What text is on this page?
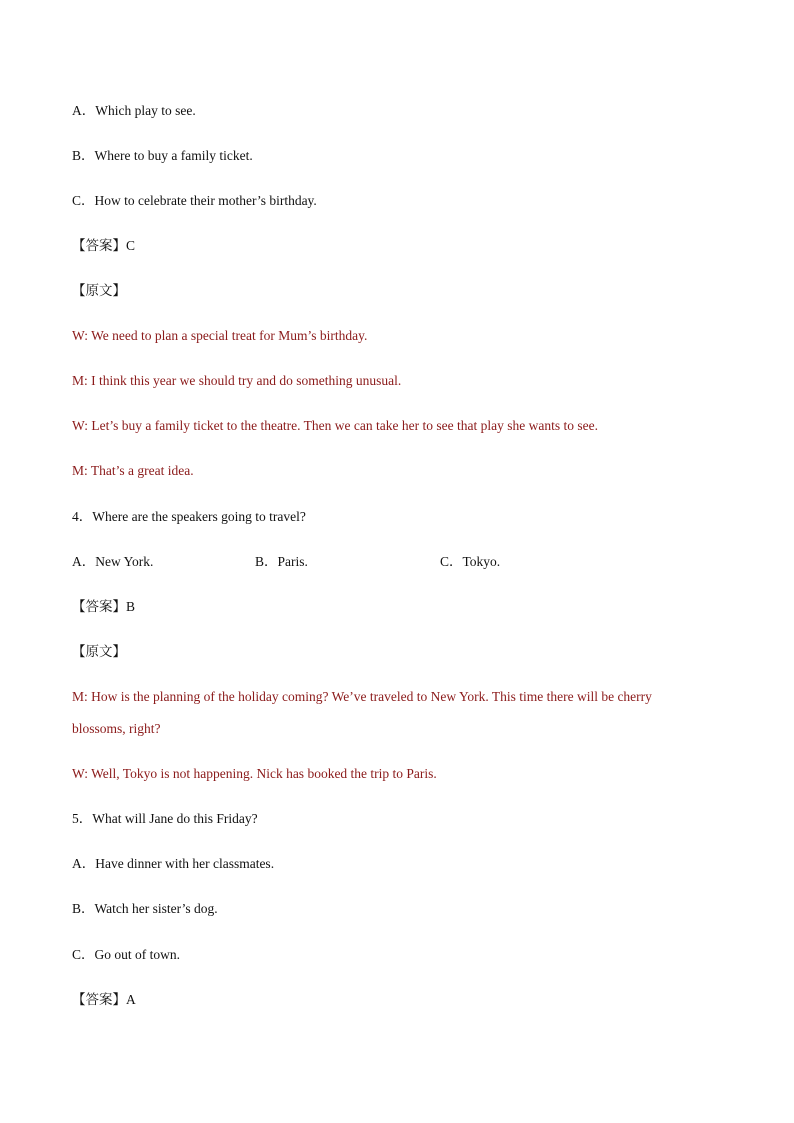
A．Which play to see.
B．Where to buy a family ticket.
C．How to celebrate their mother’s birthday.
【答案】C
【原文】
W: We need to plan a special treat for Mum’s birthday.
M: I think this year we should try and do something unusual.
W: Let’s buy a family ticket to the theatre. Then we can take her to see that play she wants to see.
M: That’s a great idea.
4．Where are the speakers going to travel?
A．New York.	B．Paris.	C．Tokyo.
【答案】B
【原文】
M: How is the planning of the holiday coming? We’ve traveled to New York. This time there will be cherry
blossoms, right?
W: Well, Tokyo is not happening. Nick has booked the trip to Paris.
5．What will Jane do this Friday?
A．Have dinner with her classmates.
B．Watch her sister’s dog.
C．Go out of town.
【答案】A
